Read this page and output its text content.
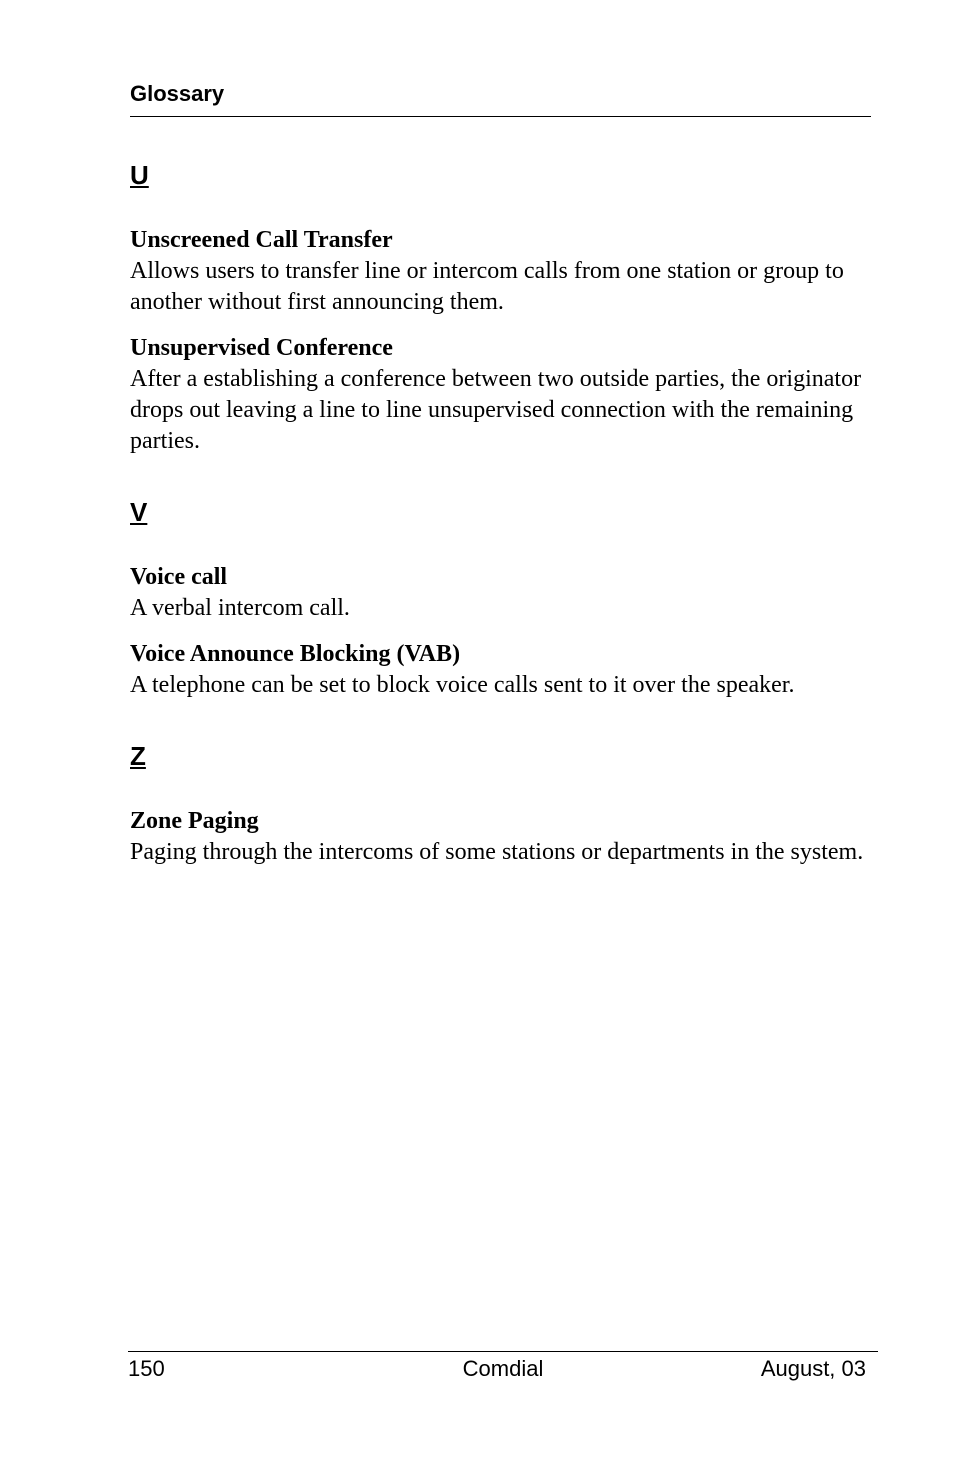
Glossary
U
Unscreened Call Transfer
Allows users to transfer line or intercom calls from one station or group to another without first announcing them.
Unsupervised Conference
After a establishing a conference between two outside parties, the originator drops out leaving a line to line unsupervised connection with the remaining parties.
V
Voice call
A verbal intercom call.
Voice Announce Blocking (VAB)
A telephone can be set to block voice calls sent to it over the speaker.
Z
Zone Paging
Paging through the intercoms of some stations or departments in the system.
150	Comdial	August, 03
